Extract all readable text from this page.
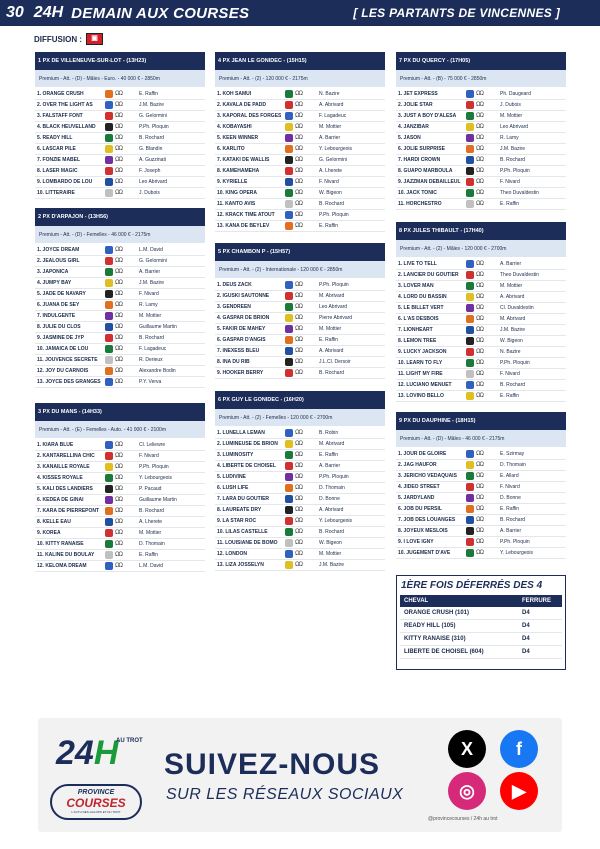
30 24H DEMAIN AUX COURSES	[ LES PARTANTS DE VINCENNES ]
DIFFUSION :	▣
1 PX DE VILLENEUVE-SUR-LOT - (13H23)
Premium - Att. - (D) - Mâles - Euro. - 40 000 € - 2850m
1. ORANGE CRUSH	ΩΩ	E. Raffin
2. OVER THE LIGHT AS	ΩΩ	J.M. Bazire
3. FALSTAFF FONT	ΩΩ	G. Gelormini
4. BLACK HEUVELLAND	ΩΩ	P.Ph. Ploquin
5. READY HILL	ΩΩ	B. Rochard
6. LASCAR PILE	ΩΩ	G. Blandin
7. FONZIE MABEL	ΩΩ	A. Guzzinati
8. LASER MAGIC	ΩΩ	F. Joseph
9. LOMBARDO DE LOU	ΩΩ	Leo Abrivard
10. LITTERAIRE	ΩΩ	J. Dubois
2 PX D'ARPAJON - (13H56)
Premium - Att. - (D) - Femelles - 46 000 € - 2175m
1. JOYCE DREAM	ΩΩ	L.M. David
2. JEALOUS GIRL	ΩΩ	G. Gelormini
3. JAPONICA	ΩΩ	A. Barrier
4. JUMPY BAY	ΩΩ	J.M. Bazire
5. JADE DE NAVARY	ΩΩ	F. Nivard
6. JUANA DE SEY	ΩΩ	R. Lamy
7. INDULGENTE	ΩΩ	M. Mottier
8. JULIE DU CLOS	ΩΩ	Guillaume Martin
9. JASMINE DE JYP	ΩΩ	B. Rochard
10. JAMAICA DE LOU	ΩΩ	F. Lagadeuc
11. JOUVENCE SECRETE	ΩΩ	R. Derieux
12. JOY DU CARNOIS	ΩΩ	Alexandre Bodin
13. JOYCE DES GRANGES	ΩΩ	P.Y. Verva
3 PX DU MANS - (14H33)
Premium - Att. - (E) - Femelles - Auto. - 41 000 € - 2100m
1. KIARA BLUE	ΩΩ	Cl. Leliewre
2. KANTARELLINA CHIC	ΩΩ	F. Nivard
3. KANAILLE ROYALE	ΩΩ	P.Ph. Ploquin
4. KISSES ROYALE	ΩΩ	Y. Lebourgeois
5. KALI DES LANDIERS	ΩΩ	P. Pacaud
6. KEDEA DE GINAI	ΩΩ	Guillaume Martin
7. KARA DE PIERREPONT	ΩΩ	B. Rochard
8. KELLE EAU	ΩΩ	A. Lherete
9. KOREA	ΩΩ	M. Mottier
10. KITTY RANAISE	ΩΩ	D. Thomain
11. KALINE DU BOULAY	ΩΩ	E. Raffin
12. KELOMA DREAM	ΩΩ	L.M. David
4 PX JEAN LE GONIDEC - (15H15)
Premium - Att. - (2) - 120 000 € - 2175m
1. KOH SAMUI	ΩΩ	N. Bazire
2. KAVALA DE PADD	ΩΩ	A. Abrivard
3. KAPORAL DES FORGES	ΩΩ	F. Lagadeuc
4. KOBAYASHI	ΩΩ	M. Mottier
5. KEEN WINNER	ΩΩ	A. Barrier
6. KARLITO	ΩΩ	Y. Lebourgeois
7. KATAKI DE WALLIS	ΩΩ	G. Gelormini
8. KAMEHAMEHA	ΩΩ	A. Lherete
9. KYRIELLE	ΩΩ	F. Nivard
10. KING OPERA	ΩΩ	W. Bigeon
11. KANTO AVIS	ΩΩ	B. Rochard
12. KRACK TIME ATOUT	ΩΩ	P.Ph. Ploquin
13. KANA DE BEYLEV	ΩΩ	E. Raffin
5 PX CHAMBON P - (15H57)
Premium - Att. - (2) - Internationale - 120 000 € - 2850m
1. DEUS ZACK	ΩΩ	P.Ph. Ploquin
2. IGUSKI SAUTONNE	ΩΩ	M. Abrivard
3. GENDREEN	ΩΩ	Leo Abrivard
4. GASPAR DE BRION	ΩΩ	Pierre Abrivard
5. FAKIR DE MAHEY	ΩΩ	M. Mottier
6. GASPAR D'ANGIS	ΩΩ	E. Raffin
7. INEXESS BLEU	ΩΩ	A. Abrivard
8. INA DU RIB	ΩΩ	J.L.Cl. Dersoir
9. HOOKER BERRY	ΩΩ	B. Rochard
6 PX GUY LE GONIDEC - (16H20)
Premium - Att. - (2) - Femelles - 120 000 € - 2700m
1. LUNELLA LEMAN	ΩΩ	B. Robin
2. LUMINEUSE DE BRION	ΩΩ	M. Abrivard
3. LUMINOSITY	ΩΩ	E. Raffin
4. LIBERTE DE CHOISEL	ΩΩ	A. Barrier
5. LUDIVINE	ΩΩ	P.Ph. Ploquin
6. LUSH LIFE	ΩΩ	D. Thomain
7. LARA DU GOUTIER	ΩΩ	D. Bonne
8. LAUREATE DRY	ΩΩ	A. Abrivard
9. LA STAR ROC	ΩΩ	Y. Lebourgeois
10. LILAS CASTELLE	ΩΩ	B. Rochard
11. LOUISIANE DE BOMO	ΩΩ	W. Bigeon
12. LONDON	ΩΩ	M. Mottier
13. LIZA JOSSELYN	ΩΩ	J.M. Bazire
7 PX DU QUERCY - (17H05)
Premium - Att. - (B) - 75 000 € - 2850m
1. JET EXPRESS	ΩΩ	Ph. Daugeard
2. JOLIE STAR	ΩΩ	J. Dubois
3. JUST A BOY D'ALESA	ΩΩ	M. Mottier
4. JANZIBAR	ΩΩ	Leo Abrivard
5. JASON	ΩΩ	R. Lamy
6. JOLIE SURPRISE	ΩΩ	J.M. Bazire
7. HARDI CROWN	ΩΩ	B. Rochard
8. GUAPO MARBOULA	ΩΩ	P.Ph. Ploquin
9. JAZZMAN DEBAILLEUL	ΩΩ	F. Nivard
10. JACK TONIC	ΩΩ	Theo Duvaldestin
11. HORCHESTRO	ΩΩ	E. Raffin
8 PX JULES THIBAULT - (17H40)
Premium - Att. - (2) - Mâles - 120 000 € - 2700m
1. LIVE TO TELL	ΩΩ	A. Barrier
2. LANCIER DU GOUTIER	ΩΩ	Theo Duvaldestin
3. LOVER MAN	ΩΩ	M. Mottier
4. LORD DU BASSIN	ΩΩ	A. Abrivard
5. LE BILLET VERT	ΩΩ	Cl. Duvaldestin
6. L'AS DESBOIS	ΩΩ	M. Abrivard
7. LIONHEART	ΩΩ	J.M. Bazire
8. LEMON TREE	ΩΩ	W. Bigeon
9. LUCKY JACKSON	ΩΩ	N. Bazire
10. LEARN TO FLY	ΩΩ	P.Ph. Ploquin
11. LIGHT MY FIRE	ΩΩ	F. Nivard
12. LUCIANO MENUET	ΩΩ	B. Rochard
13. LOVINO BELLO	ΩΩ	E. Raffin
9 PX DU DAUPHINE - (18H15)
Premium - Att. - (D) - Mâles - 46 000 € - 2175m
1. JOUR DE GLOIRE	ΩΩ	E. Szirmay
2. JAG HAUFOR	ΩΩ	D. Thomain
3. JERICHO VEDAQUAIS	ΩΩ	E. Allard
4. JIDEO STREET	ΩΩ	F. Nivard
5. JARDYLAND	ΩΩ	D. Bonne
6. JOB DU PERSIL	ΩΩ	E. Raffin
7. JOB DES LOUANGES	ΩΩ	B. Rochard
8. JOYEUX MESLOIS	ΩΩ	A. Barrier
9. I LOVE IGNY	ΩΩ	P.Ph. Ploquin
10. JUGEMENT D'AVE	ΩΩ	Y. Lebourgeois
1ÈRE FOIS DÉFERRÉS DES 4
CHEVAL	FERRURE
ORANGE CRUSH (101)	D4
READY HILL (105)	D4
KITTY RANAISE (310)	D4
LIBERTE DE CHOISEL (604)	D4
24H
AU TROT
PROVINCE
COURSES
L'ACTU DES GALOPS ET DU TROT
SUIVEZ-NOUS
SUR LES RÉSEAUX SOCIAUX
@provincecourses / 24h au trot
X	f
◎	▶
